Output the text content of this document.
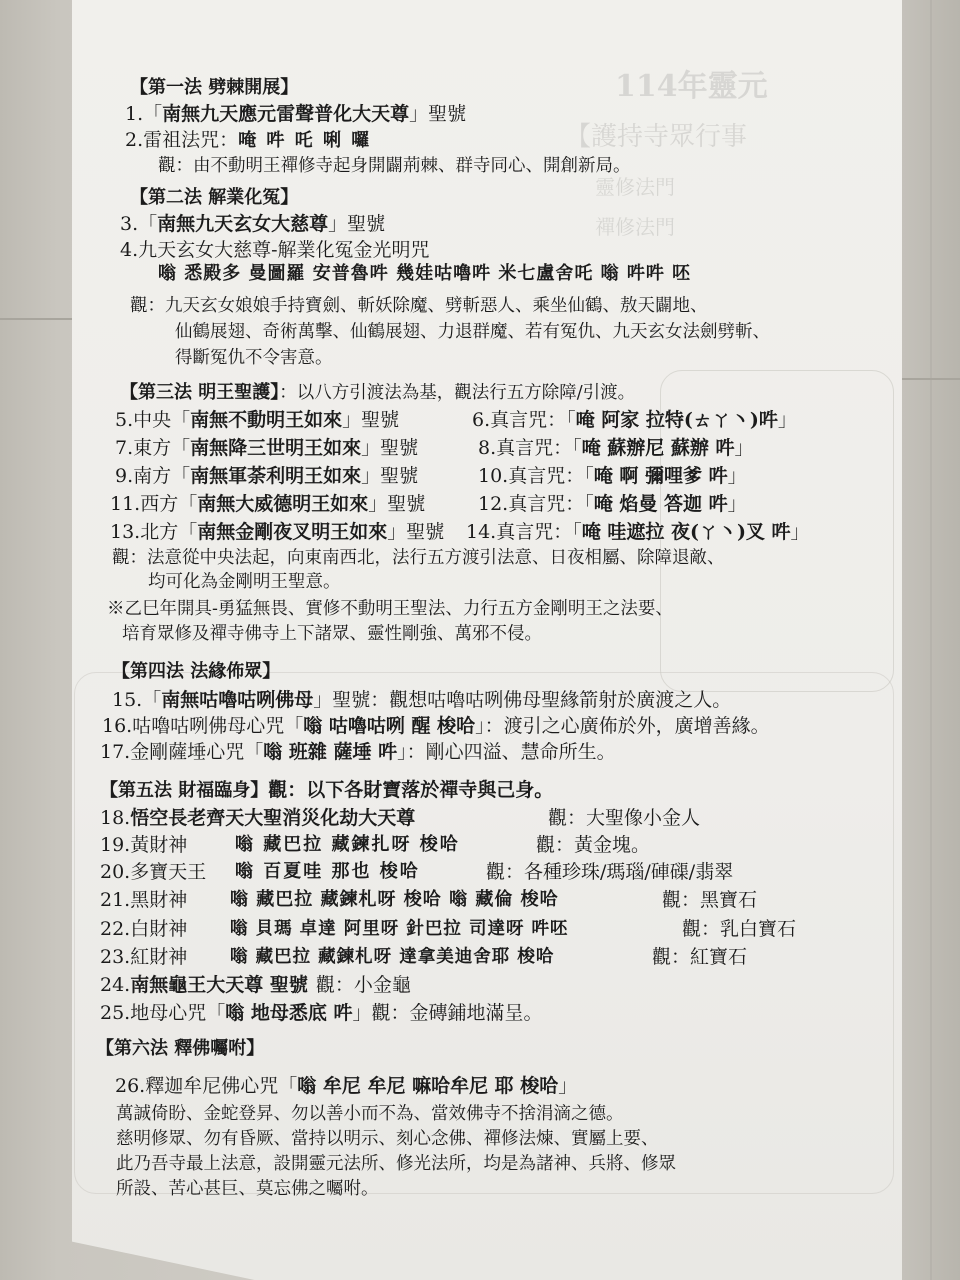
114年靈元
【護持寺眾行事
靈修法門
禪修法門
【第一法 劈棘開展】
1.「南無九天應元雷聲普化大天尊」聖號
2.雷祖法咒：唵 吽 吒 唎 囉
觀：由不動明王禪修寺起身開闢荊棘、群寺同心、開創新局。
【第二法 解業化冤】
3.「南無九天玄女大慈尊」聖號
4.九天玄女大慈尊-解業化冤金光明咒
嗡 悉殿多 曼圖羅 安普魯吽 幾娃咕嚕吽 米七盧舍吒 嗡 吽吽 呸
觀：九天玄女娘娘手持寶劍、斬妖除魔、劈斬惡人、乘坐仙鶴、敖天闢地、
仙鶴展翅、奇術萬擊、仙鶴展翅、力退群魔、若有冤仇、九天玄女法劍劈斬、
得斷冤仇不令害意。
【第三法 明王聖護】：以八方引渡法為基，觀法行五方除障/引渡。
5.中央「南無不動明王如來」聖號	6.真言咒：「唵 阿家 拉特(ㄊㄚ丶)吽」
7.東方「南無降三世明王如來」聖號	8.真言咒：「唵 蘇辦尼 蘇辦 吽」
9.南方「南無軍荼利明王如來」聖號	10.真言咒：「唵 啊 彌哩爹 吽」
11.西方「南無大威德明王如來」聖號	12.真言咒：「唵 焰曼 答迦 吽」
13.北方「南無金剛夜叉明王如來」聖號 14.真言咒：「唵 哇遮拉 夜(ㄚ丶)叉 吽」
觀：法意從中央法起，向東南西北，法行五方渡引法意、日夜相屬、除障退敵、
均可化為金剛明王聖意。
※乙巳年開具-勇猛無畏、實修不動明王聖法、力行五方金剛明王之法要、
培育眾修及禪寺佛寺上下諸眾、靈性剛強、萬邪不侵。
【第四法 法緣佈眾】
15.「南無咕嚕咕咧佛母」聖號：觀想咕嚕咕咧佛母聖緣箭射於廣渡之人。
16.咕嚕咕咧佛母心咒「嗡 咕嚕咕咧 醒 梭哈」：渡引之心廣佈於外，廣增善緣。
17.金剛薩埵心咒「嗡 班雜 薩埵 吽」：剛心四溢、慧命所生。
【第五法 財福臨身】觀：以下各財寶落於禪寺與己身。
18.悟空長老齊天大聖消災化劫大天尊	觀：大聖像小金人
19.黃財神	嗡 藏巴拉 藏鍊扎呀 梭哈	觀：黃金塊。
20.多寶天王 嗡 百夏哇 那也 梭哈	觀：各種珍珠/瑪瑙/硨磲/翡翠
21.黑財神 嗡 藏巴拉 藏鍊札呀 梭哈 嗡 藏倫 梭哈	觀：黑寶石
22.白財神 嗡 貝瑪 卓達 阿里呀 針巴拉 司達呀 吽呸	觀：乳白寶石
23.紅財神 嗡 藏巴拉 藏鍊札呀 達拿美迪舍耶 梭哈	觀：紅寶石
24.南無龜王大天尊 聖號 觀：小金龜
25.地母心咒「嗡 地母悉底 吽」觀：金磚鋪地滿呈。
【第六法 釋佛囑咐】
26.釋迦牟尼佛心咒「嗡 牟尼 牟尼 嘛哈牟尼 耶 梭哈」
萬誠倚盼、金蛇登昇、勿以善小而不為、當效佛寺不捨涓滴之德。
慈明修眾、勿有昏厥、當持以明示、刻心念佛、禪修法煉、實屬上要、
此乃吾寺最上法意，設開靈元法所、修光法所，均是為諸神、兵將、修眾
所設、苦心甚巨、莫忘佛之囑咐。
